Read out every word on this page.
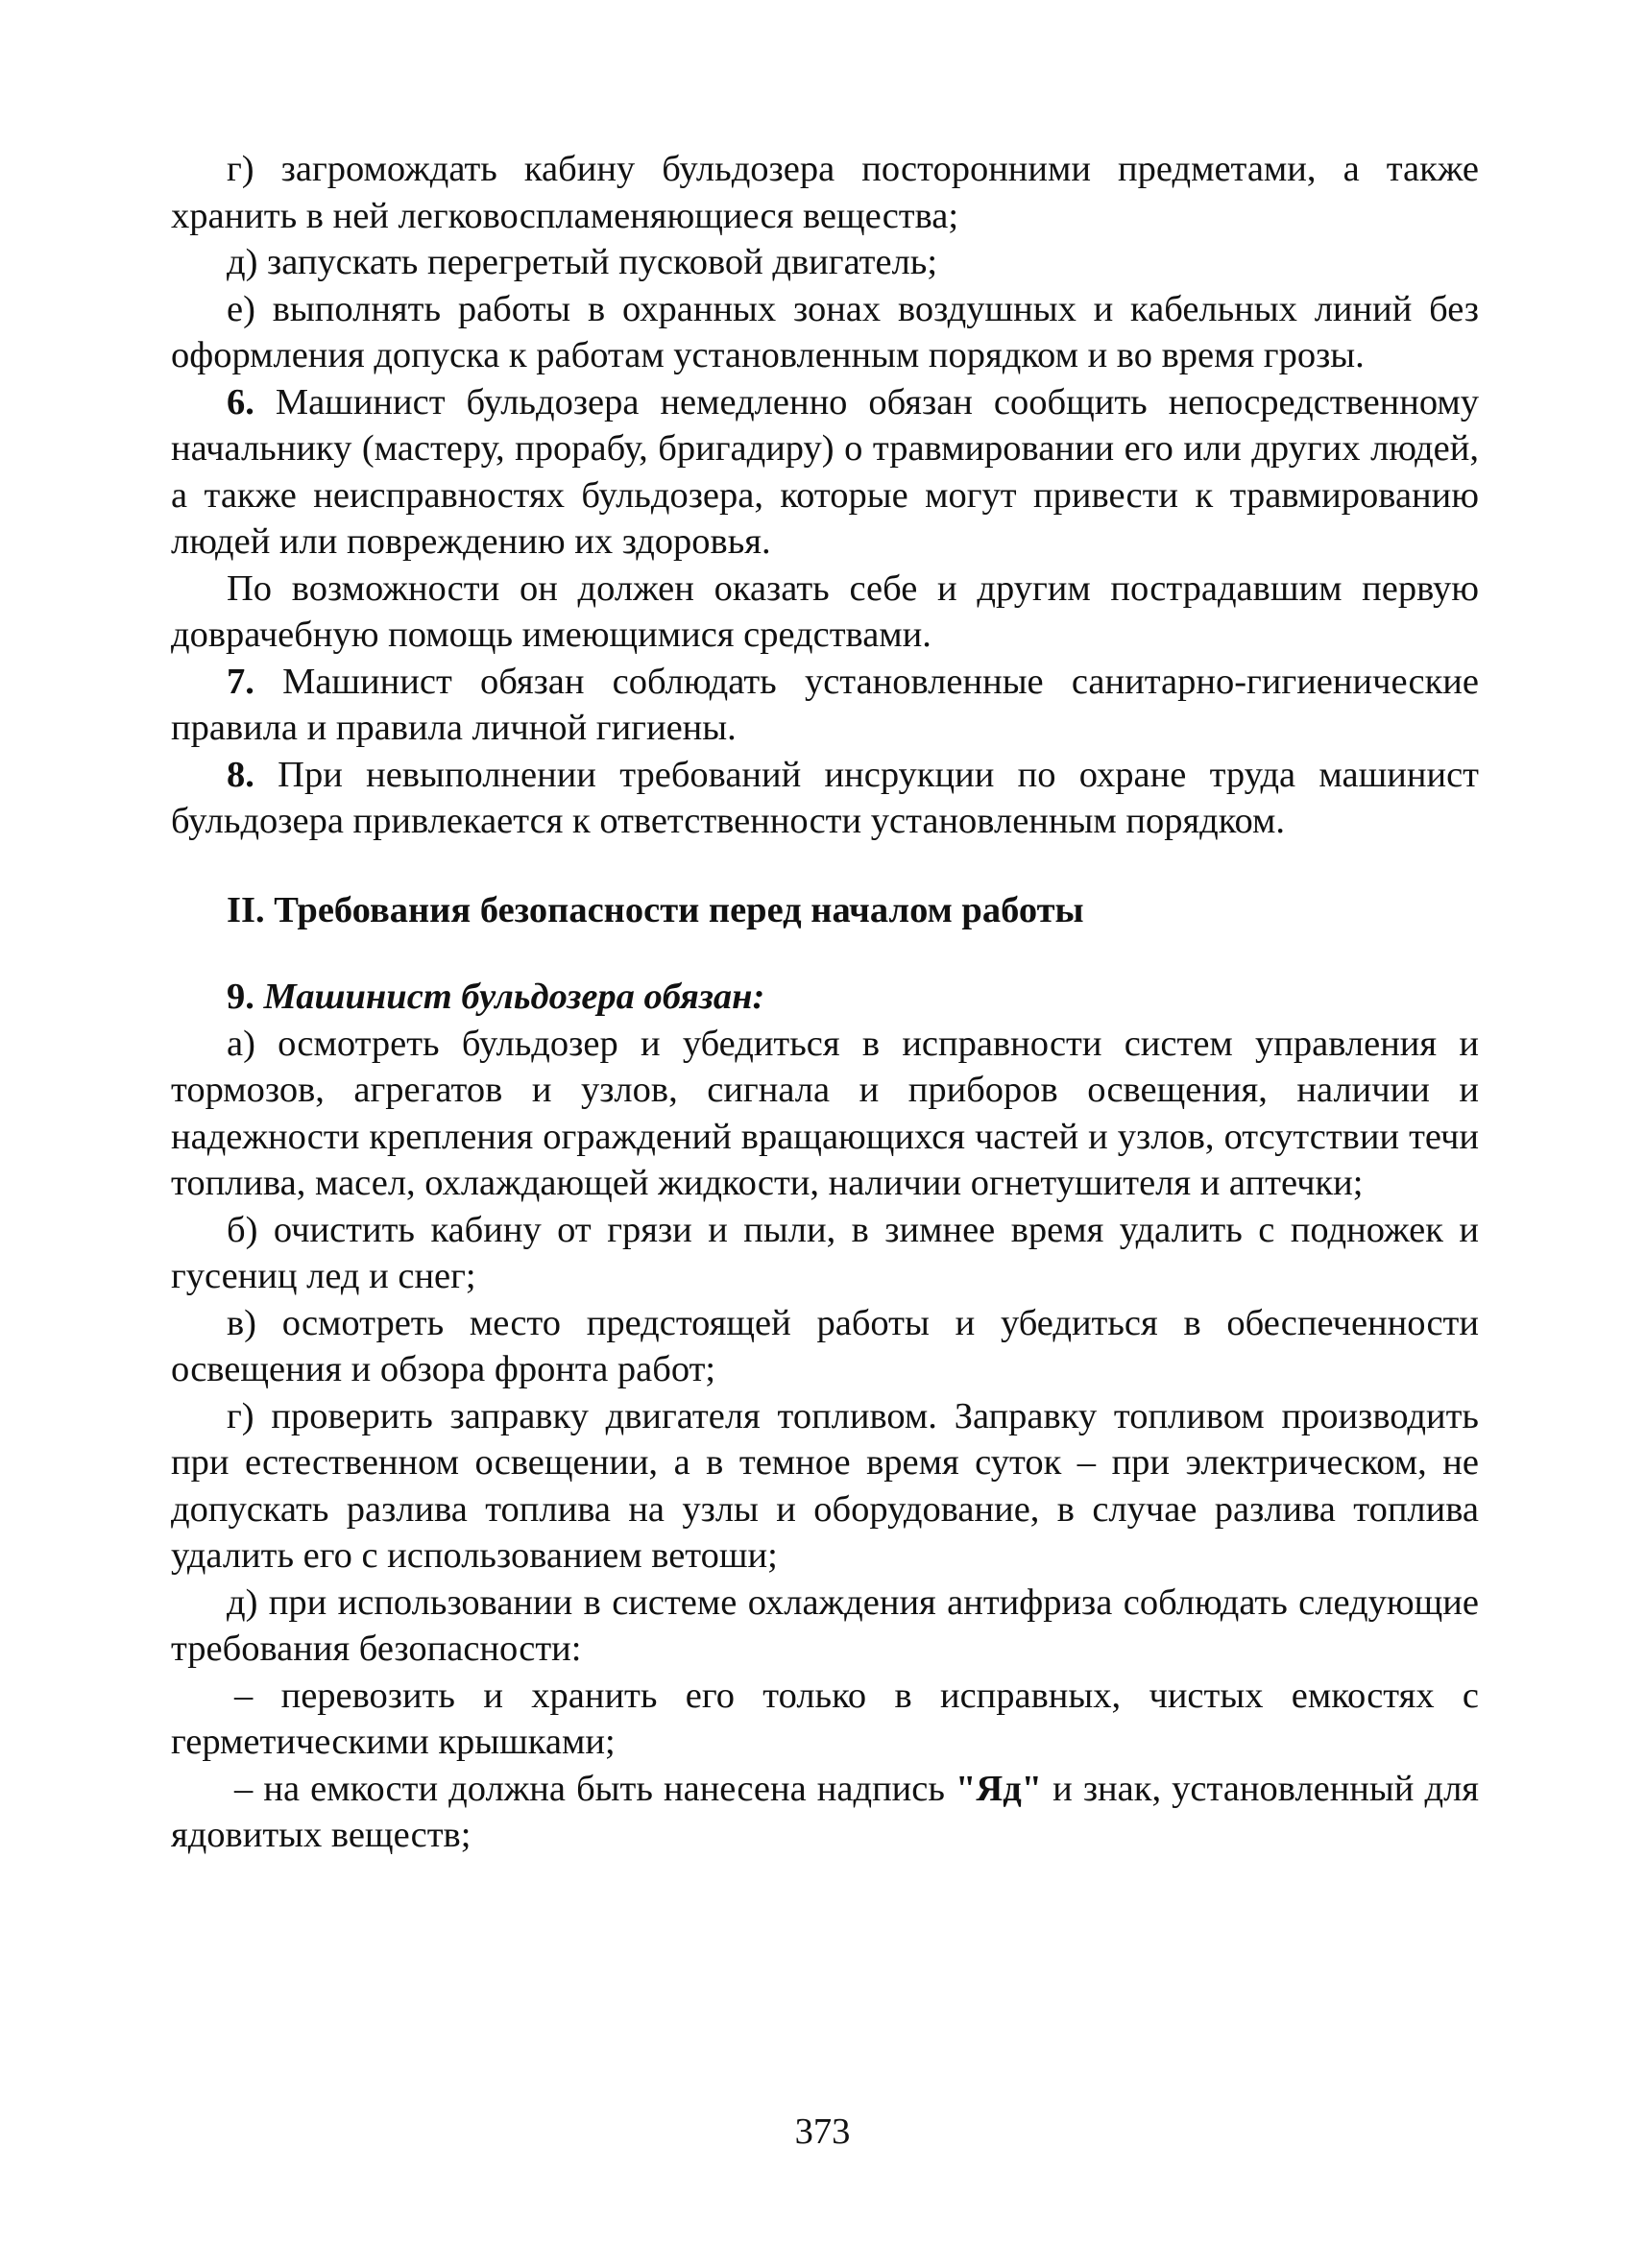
г) загромождать кабину бульдозера посторонними предметами, а также хранить в ней легковоспламеняющиеся вещества;

д) запускать перегретый пусковой двигатель;

е) выполнять работы в охранных зонах воздушных и кабельных линий без оформления допуска к работам установленным порядком и во время грозы.

6. Машинист бульдозера немедленно обязан сообщить непосредственному начальнику (мастеру, прорабу, бригадиру) о травмировании его или других людей, а также неисправностях бульдозера, которые могут привести к травмированию людей или повреждению их здоровья.

По возможности он должен оказать себе и другим пострадавшим первую доврачебную помощь имеющимися средствами.

7. Машинист обязан соблюдать установленные санитарно-гигиенические правила и правила личной гигиены.

8. При невыполнении требований инсрукции по охране труда машинист бульдозера привлекается к ответственности установленным порядком.

II. Требования безопасности перед началом работы

9. Машинист бульдозера обязан:

а) осмотреть бульдозер и убедиться в исправности систем управления и тормозов, агрегатов и узлов, сигнала и приборов освещения, наличии и надежности крепления ограждений вращающихся частей и узлов, отсутствии течи топлива, масел, охлаждающей жидкости, наличии огнетушителя и аптечки;

б) очистить кабину от грязи и пыли, в зимнее время удалить с подножек и гусениц лед и снег;

в) осмотреть место предстоящей работы и убедиться в обеспеченности освещения и обзора фронта работ;

г) проверить заправку двигателя топливом. Заправку топливом производить при естественном освещении, а в темное время суток – при электрическом, не допускать разлива топлива на узлы и оборудование, в случае разлива топлива удалить его с использованием ветоши;

д) при использовании в системе охлаждения антифриза соблюдать следующие требования безопасности:

– перевозить и хранить его только в исправных, чистых емкостях с герметическими крышками;

– на емкости должна быть нанесена надпись "Яд" и знак, установленный для ядовитых веществ;

373
